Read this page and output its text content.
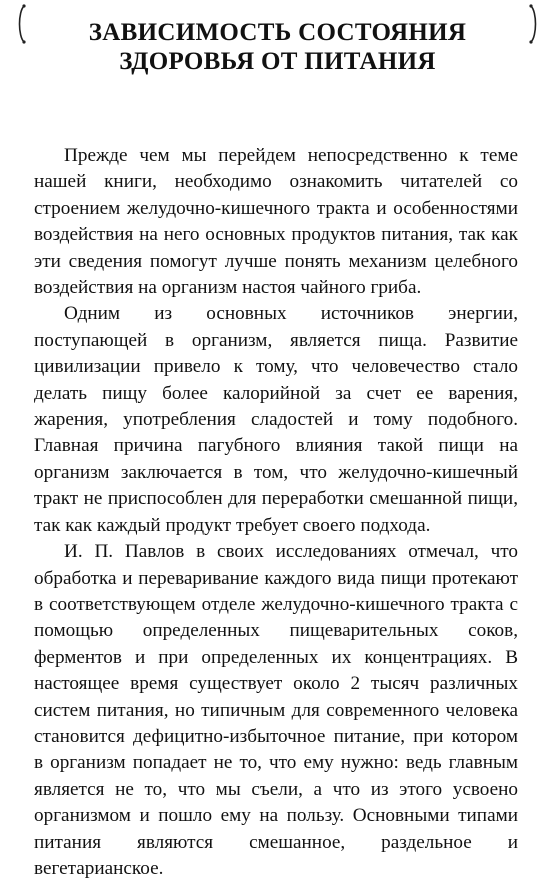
ЗАВИСИМОСТЬ СОСТОЯНИЯ
ЗДОРОВЬЯ ОТ ПИТАНИЯ

Прежде чем мы перейдем непосредственно к теме нашей книги, необходимо ознакомить читателей со строением желудочно-кишечного тракта и особенностями воздействия на него основных продуктов питания, так как эти сведения помогут лучше понять механизм целебного воздействия на организм настоя чайного гриба.

Одним из основных источников энергии, поступающей в организм, является пища. Развитие цивилизации привело к тому, что человечество стало делать пищу более калорийной за счет ее варения, жарения, употребления сладостей и тому подобного. Главная причина пагубного влияния такой пищи на организм заключается в том, что желудочно-кишечный тракт не приспособлен для переработки смешанной пищи, так как каждый продукт требует своего подхода.

И. П. Павлов в своих исследованиях отмечал, что обработка и переваривание каждого вида пищи протекают в соответствующем отделе желудочно-кишечного тракта с помощью определенных пищеварительных соков, ферментов и при определенных их концентрациях. В настоящее время существует около 2 тысяч различных систем питания, но типичным для современного человека становится дефицитно-избыточное питание, при котором в организм попадает не то, что ему нужно: ведь главным является не то, что мы съели, а что из этого усвоено организмом и пошло ему на пользу. Основными типами питания являются смешанное, раздельное и вегетарианское.
